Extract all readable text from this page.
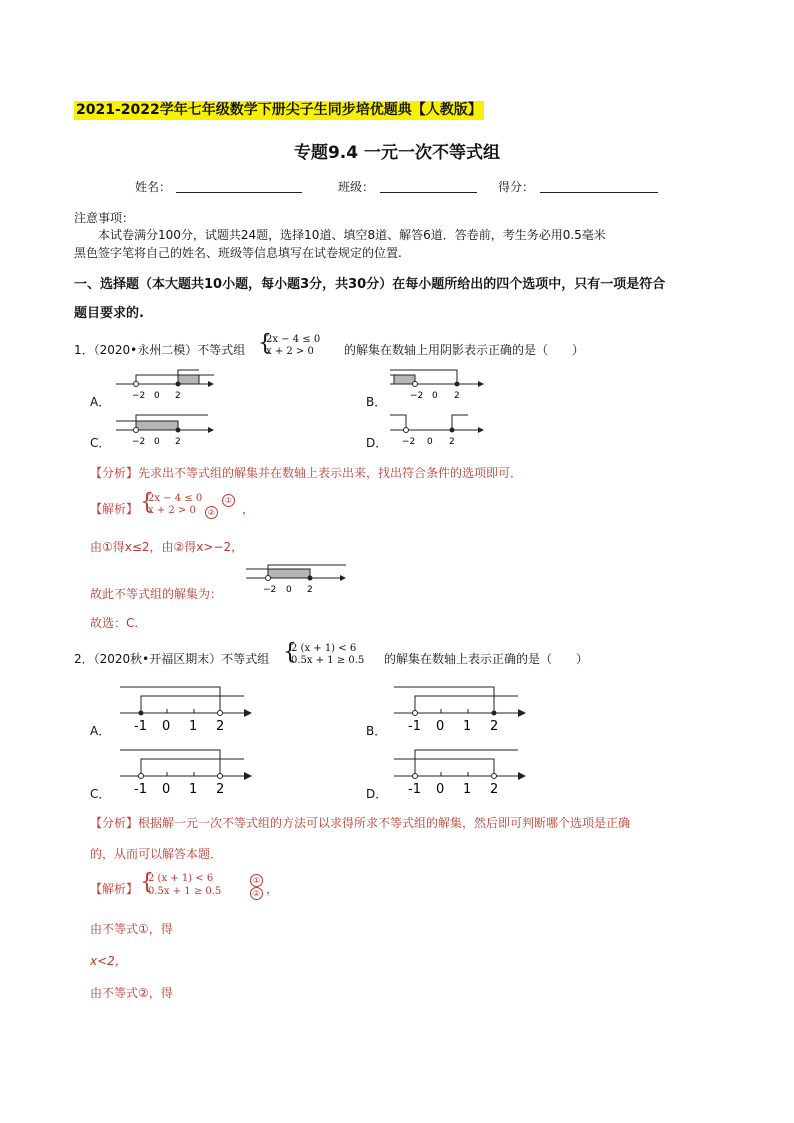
2021-2022学年七年级数学下册尖子生同步培优题典【人教版】
专题9.4 一元一次不等式组
姓名：	班级：	得分：
注意事项：
本试卷满分100分，试题共24题，选择10道、填空8道、解答6道．答卷前，考生务必用0.5毫米
黑色签字笔将自己的姓名、班级等信息填写在试卷规定的位置.
一、选择题（本大题共10小题，每小题3分，共30分）在每小题所给出的四个选项中，只有一项是符合
题目要求的.
1．（2020•永州二模）不等式组 {
2x − 4 ≤ 0
x + 2 > 0	的解集在数轴上用阴影表示正确的是（　　）
A． −2 0 2	B．	−2 0 2
C． −2 0 2	D． −2 0 2
【分析】先求出不等式组的解集并在数轴上表示出来，找出符合条件的选项即可．
【解析】 {
2x − 4 ≤ 0
x + 2 > 0
①
② ，
由①得x≤2，由②得x>−2，
故此不等式组的解集为：	−2 0 2
故选：C.
2．（2020秋•开福区期末）不等式组 {
2 (x + 1) < 6
0.5x + 1 ≥ 0.5 的解集在数轴上表示正确的是（　　）
A． -1 0 1 2	B． -1 0 1 2
C． -1 0 1 2	D． -1 0 1 2
【分析】根据解一元一次不等式组的方法可以求得所求不等式组的解集，然后即可判断哪个选项是正确
的，从而可以解答本题．
【解析】 {
2 (x + 1) < 6
0.5x + 1 ≥ 0.5
①
② ，
由不等式①，得
x<2，
由不等式②，得
